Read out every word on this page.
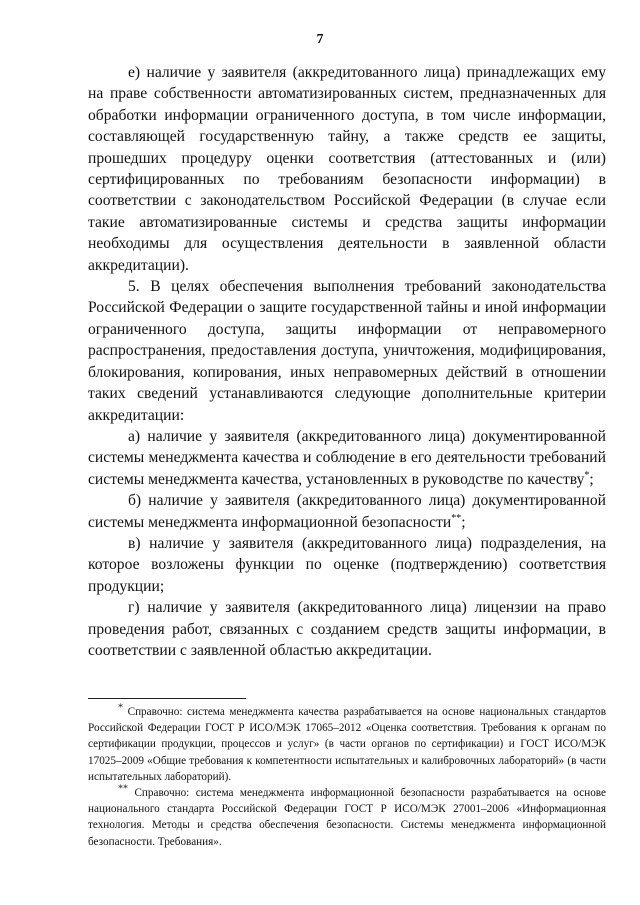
7

е) наличие у заявителя (аккредитованного лица) принадлежащих ему на праве собственности автоматизированных систем, предназначенных для обработки информации ограниченного доступа, в том числе информации, составляющей государственную тайну, а также средств ее защиты, прошедших процедуру оценки соответствия (аттестованных и (или) сертифицированных по требованиям безопасности информации) в соответствии с законодательством Российской Федерации (в случае если такие автоматизированные системы и средства защиты информации необходимы для осуществления деятельности в заявленной области аккредитации).

5. В целях обеспечения выполнения требований законодательства Российской Федерации о защите государственной тайны и иной информации ограниченного доступа, защиты информации от неправомерного распространения, предоставления доступа, уничтожения, модифицирования, блокирования, копирования, иных неправомерных действий в отношении таких сведений устанавливаются следующие дополнительные критерии аккредитации:

а) наличие у заявителя (аккредитованного лица) документированной системы менеджмента качества и соблюдение в его деятельности требований системы менеджмента качества, установленных в руководстве по качеству*;

б) наличие у заявителя (аккредитованного лица) документированной системы менеджмента информационной безопасности**;

в) наличие у заявителя (аккредитованного лица) подразделения, на которое возложены функции по оценке (подтверждению) соответствия продукции;

г) наличие у заявителя (аккредитованного лица) лицензии на право проведения работ, связанных с созданием средств защиты информации, в соответствии с заявленной областью аккредитации.

* Справочно: система менеджмента качества разрабатывается на основе национальных стандартов Российской Федерации ГОСТ Р ИСО/МЭК 17065–2012 «Оценка соответствия. Требования к органам по сертификации продукции, процессов и услуг» (в части органов по сертификации) и ГОСТ ИСО/МЭК 17025–2009 «Общие требования к компетентности испытательных и калибровочных лабораторий» (в части испытательных лабораторий).

** Справочно: система менеджмента информационной безопасности разрабатывается на основе национального стандарта Российской Федерации ГОСТ Р ИСО/МЭК 27001–2006 «Информационная технология. Методы и средства обеспечения безопасности. Системы менеджмента информационной безопасности. Требования».
